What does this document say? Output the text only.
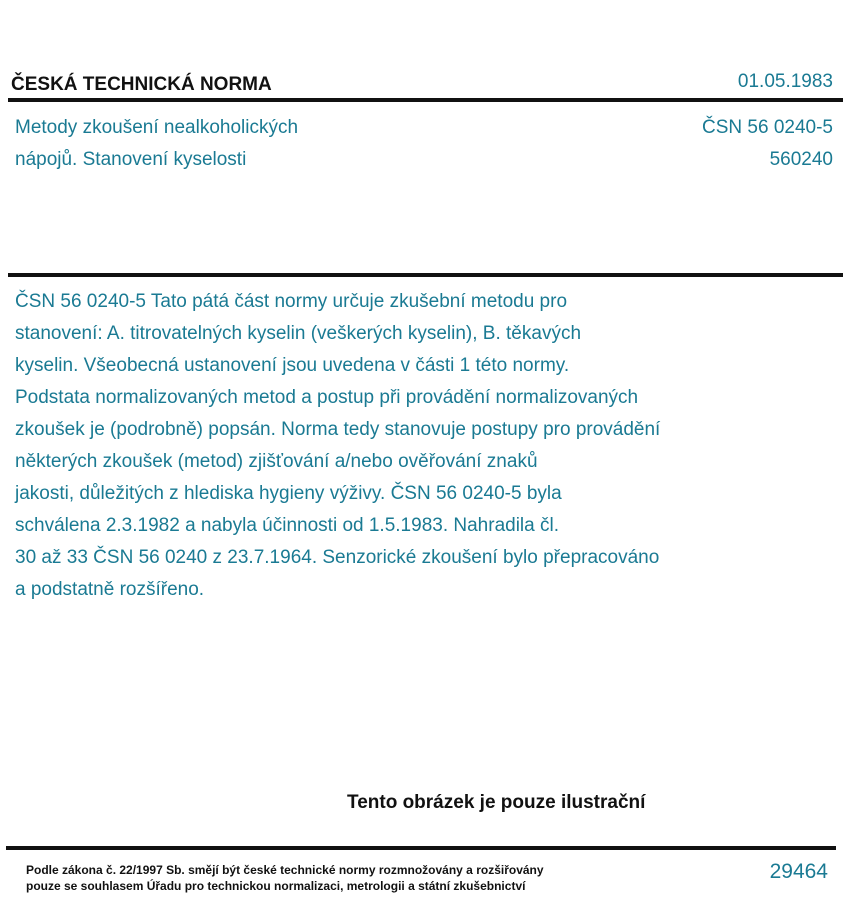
ČESKÁ TECHNICKÁ NORMA	01.05.1983
Metody zkoušení nealkoholických
nápojů. Stanovení kyselosti
ČSN 56 0240-5
560240
ČSN 56 0240-5 Tato pátá část normy určuje zkušební metodu pro
stanovení: A. titrovatelných kyselin (veškerých kyselin), B. těkavých
kyselin. Všeobecná ustanovení jsou uvedena v části 1 této normy.
Podstata normalizovaných metod a postup při provádění normalizovaných
zkoušek je (podrobně) popsán. Norma tedy stanovuje postupy pro provádění
některých zkoušek (metod) zjišťování a/nebo ověřování znaků
jakosti, důležitých z hlediska hygieny výživy. ČSN 56 0240-5 byla
schválena 2.3.1982 a nabyla účinnosti od 1.5.1983. Nahradila čl.
30 až 33 ČSN 56 0240 z 23.7.1964. Senzorické zkoušení bylo přepracováno
a podstatně rozšířeno.
Tento obrázek je pouze ilustrační
Podle zákona č. 22/1997 Sb. smějí být české technické normy rozmnožovány a rozšiřovány
pouze se souhlasem Úřadu pro technickou normalizaci, metrologii a státní zkušebnictví
29464
